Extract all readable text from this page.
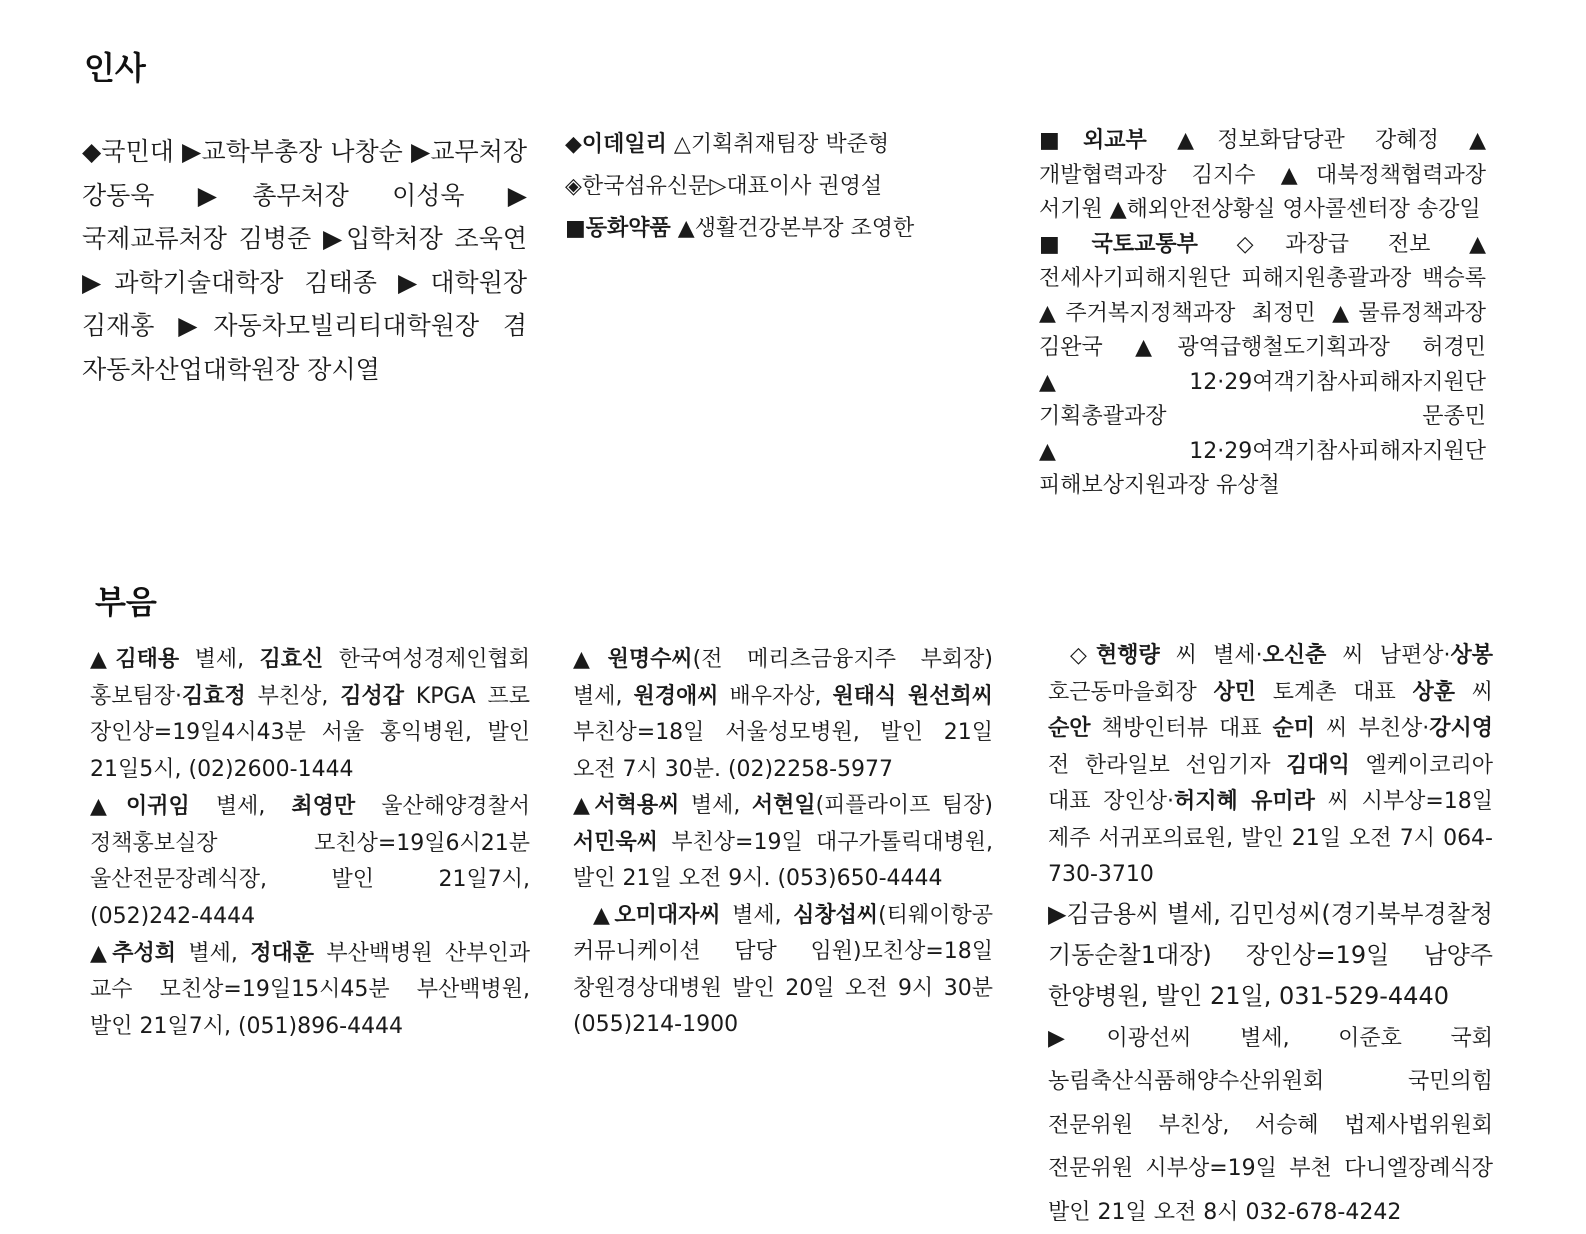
인사

◆국민대 ▶교학부총장 나창순 ▶교무처장 강동욱 ▶총무처장 이성욱 ▶국제교류처장 김병준 ▶입학처장 조욱연 ▶과학기술대학장 김태종 ▶대학원장 김재홍 ▶자동차모빌리티대학원장 겸 자동차산업대학원장 장시열

◆이데일리 △기획취재팀장 박준형

◈한국섬유신문▷대표이사 권영설

■동화약품 ▲생활건강본부장 조영한

■외교부 ▲정보화담당관 강혜정 ▲개발협력과장 김지수 ▲대북정책협력과장 서기원 ▲해외안전상황실 영사콜센터장 송강일

■국토교통부 ◇과장급 전보 ▲전세사기피해지원단 피해지원총괄과장 백승록 ▲주거복지정책과장 최정민 ▲물류정책과장 김완국 ▲광역급행철도기획과장 허경민 ▲12·29여객기참사피해자지원단 기획총괄과장 문종민 ▲12·29여객기참사피해자지원단 피해보상지원과장 유상철

부음

▲김태용 별세, 김효신 한국여성경제인협회 홍보팀장·김효정 부친상, 김성갑 KPGA 프로 장인상=19일4시43분 서울 홍익병원, 발인 21일5시, (02)2600-1444

▲이귀임 별세, 최영만 울산해양경찰서 정책홍보실장 모친상=19일6시21분 울산전문장례식장, 발인 21일7시, (052)242-4444

▲추성희 별세, 정대훈 부산백병원 산부인과 교수 모친상=19일15시45분 부산백병원, 발인 21일7시, (051)896-4444

▲원명수씨(전 메리츠금융지주 부회장) 별세, 원경애씨 배우자상, 원태식 원선희씨 부친상=18일 서울성모병원, 발인 21일 오전 7시 30분. (02)2258-5977

▲서혁용씨 별세, 서현일(피플라이프 팀장) 서민욱씨 부친상=19일 대구가톨릭대병원, 발인 21일 오전 9시. (053)650-4444

▲오미대자씨 별세, 심창섭씨(티웨이항공 커뮤니케이션 담당 임원)모친상=18일 창원경상대병원 발인 20일 오전 9시 30분 (055)214-1900

◇현행량 씨 별세·오신춘 씨 남편상·상봉 호근동마을회장 상민 토계촌 대표 상훈 씨 순안 책방인터뷰 대표 순미 씨 부친상·강시영 전 한라일보 선임기자 김대익 엘케이코리아 대표 장인상·허지혜 유미라 씨 시부상=18일 제주 서귀포의료원, 발인 21일 오전 7시 064-730-3710

▶김금용씨 별세, 김민성씨(경기북부경찰청 기동순찰1대장) 장인상=19일 남양주 한양병원, 발인 21일, 031-529-4440

▶이광선씨 별세, 이준호 국회 농림축산식품해양수산위원회 국민의힘 전문위원 부친상, 서승혜 법제사법위원회 전문위원 시부상=19일 부천 다니엘장례식장 발인 21일 오전 8시 032-678-4242
